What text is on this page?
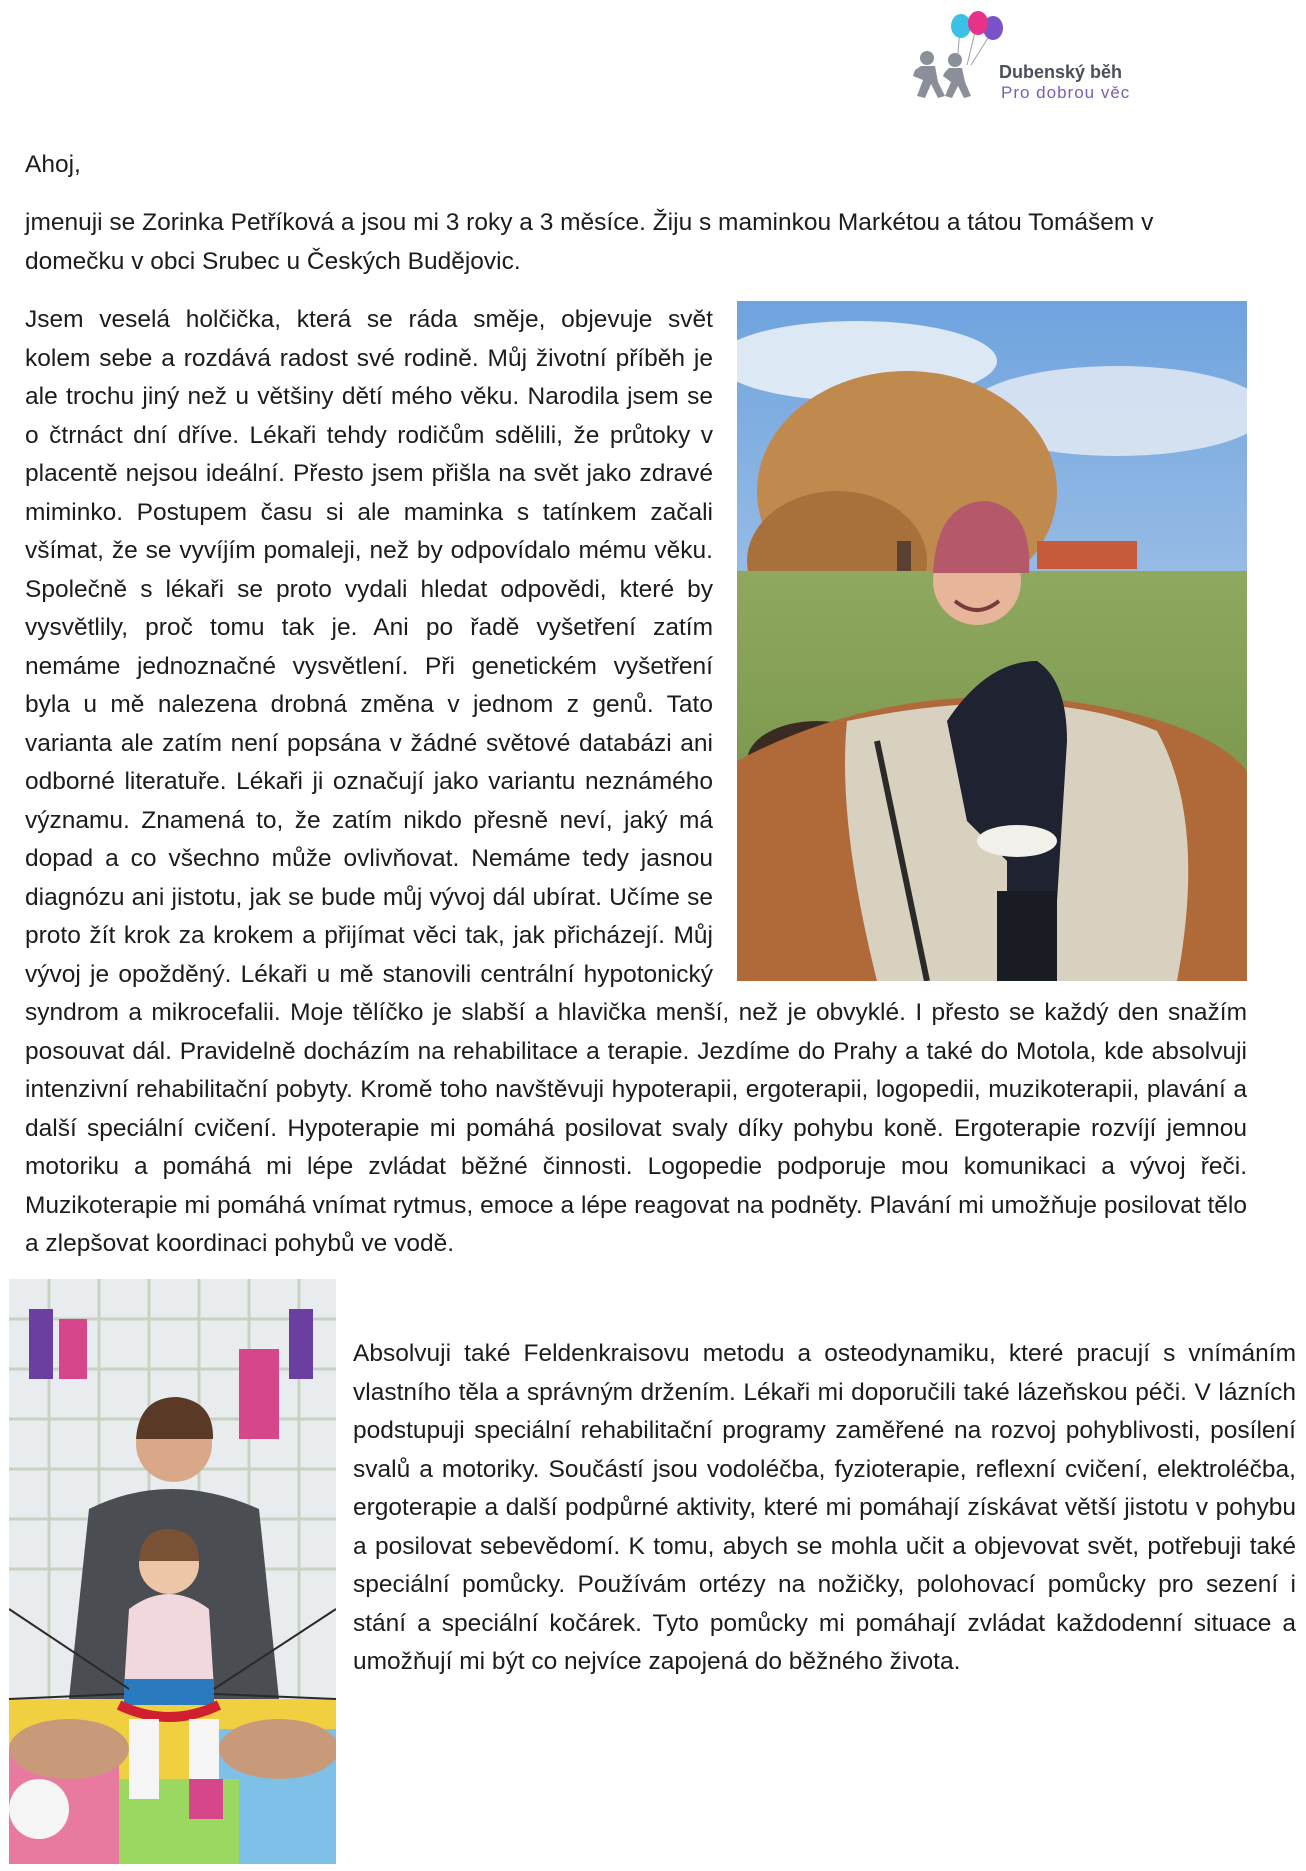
Dubenský běh
Pro dobrou věc
Ahoj,
jmenuji se Zorinka Petříková a jsou mi 3 roky a 3 měsíce. Žiju s maminkou Markétou a tátou Tomášem v domečku v obci Srubec u Českých Budějovic.
Jsem veselá holčička, která se ráda směje, objevuje svět kolem sebe a rozdává radost své rodině. Můj životní příběh je ale trochu jiný než u většiny dětí mého věku. Narodila jsem se o čtrnáct dní dříve. Lékaři tehdy rodičům sdělili, že průtoky v placentě nejsou ideální. Přesto jsem přišla na svět jako zdravé miminko. Postupem času si ale maminka s tatínkem začali všímat, že se vyvíjím pomaleji, než by odpovídalo mému věku. Společně s lékaři se proto vydali hledat odpovědi, které by vysvětlily, proč tomu tak je. Ani po řadě vyšetření zatím nemáme jednoznačné vysvětlení. Při genetickém vyšetření byla u mě nalezena drobná změna v jednom z genů. Tato varianta ale zatím není popsána v žádné světové databázi ani odborné literatuře. Lékaři ji označují jako variantu neznámého významu. Znamená to, že zatím nikdo přesně neví, jaký má dopad a co všechno může ovlivňovat. Nemáme tedy jasnou diagnózu ani jistotu, jak se bude můj vývoj dál ubírat. Učíme se proto žít krok za krokem a přijímat věci tak, jak přicházejí. Můj vývoj je opožděný. Lékaři u mě stanovili centrální hypotonický syndrom a mikrocefalii. Moje tělíčko je slabší a hlavička menší, než je obvyklé. I přesto se každý den snažím posouvat dál. Pravidelně docházím na rehabilitace a terapie. Jezdíme do Prahy a také do Motola, kde absolvuji intenzivní rehabilitační pobyty. Kromě toho navštěvuji hypoterapii, ergoterapii, logopedii, muzikoterapii, plavání a další speciální cvičení. Hypoterapie mi pomáhá posilovat svaly díky pohybu koně. Ergoterapie rozvíjí jemnou motoriku a pomáhá mi lépe zvládat běžné činnosti. Logopedie podporuje mou komunikaci a vývoj řeči. Muzikoterapie mi pomáhá vnímat rytmus, emoce a lépe reagovat na podněty. Plavání mi umožňuje posilovat tělo a zlepšovat koordinaci pohybů ve vodě.
Absolvuji také Feldenkraisovu metodu a osteodynamiku, které pracují s vnímáním vlastního těla a správným držením. Lékaři mi doporučili také lázeňskou péči. V lázních podstupuji speciální rehabilitační programy zaměřené na rozvoj pohyblivosti, posílení svalů a motoriky. Součástí jsou vodoléčba, fyzioterapie, reflexní cvičení, elektroléčba, ergoterapie a další podpůrné aktivity, které mi pomáhají získávat větší jistotu v pohybu a posilovat sebevědomí. K tomu, abych se mohla učit a objevovat svět, potřebuji také speciální pomůcky. Používám ortézy na nožičky, polohovací pomůcky pro sezení i stání a speciální kočárek. Tyto pomůcky mi pomáhají zvládat každodenní situace a umožňují mi být co nejvíce zapojená do běžného života.
